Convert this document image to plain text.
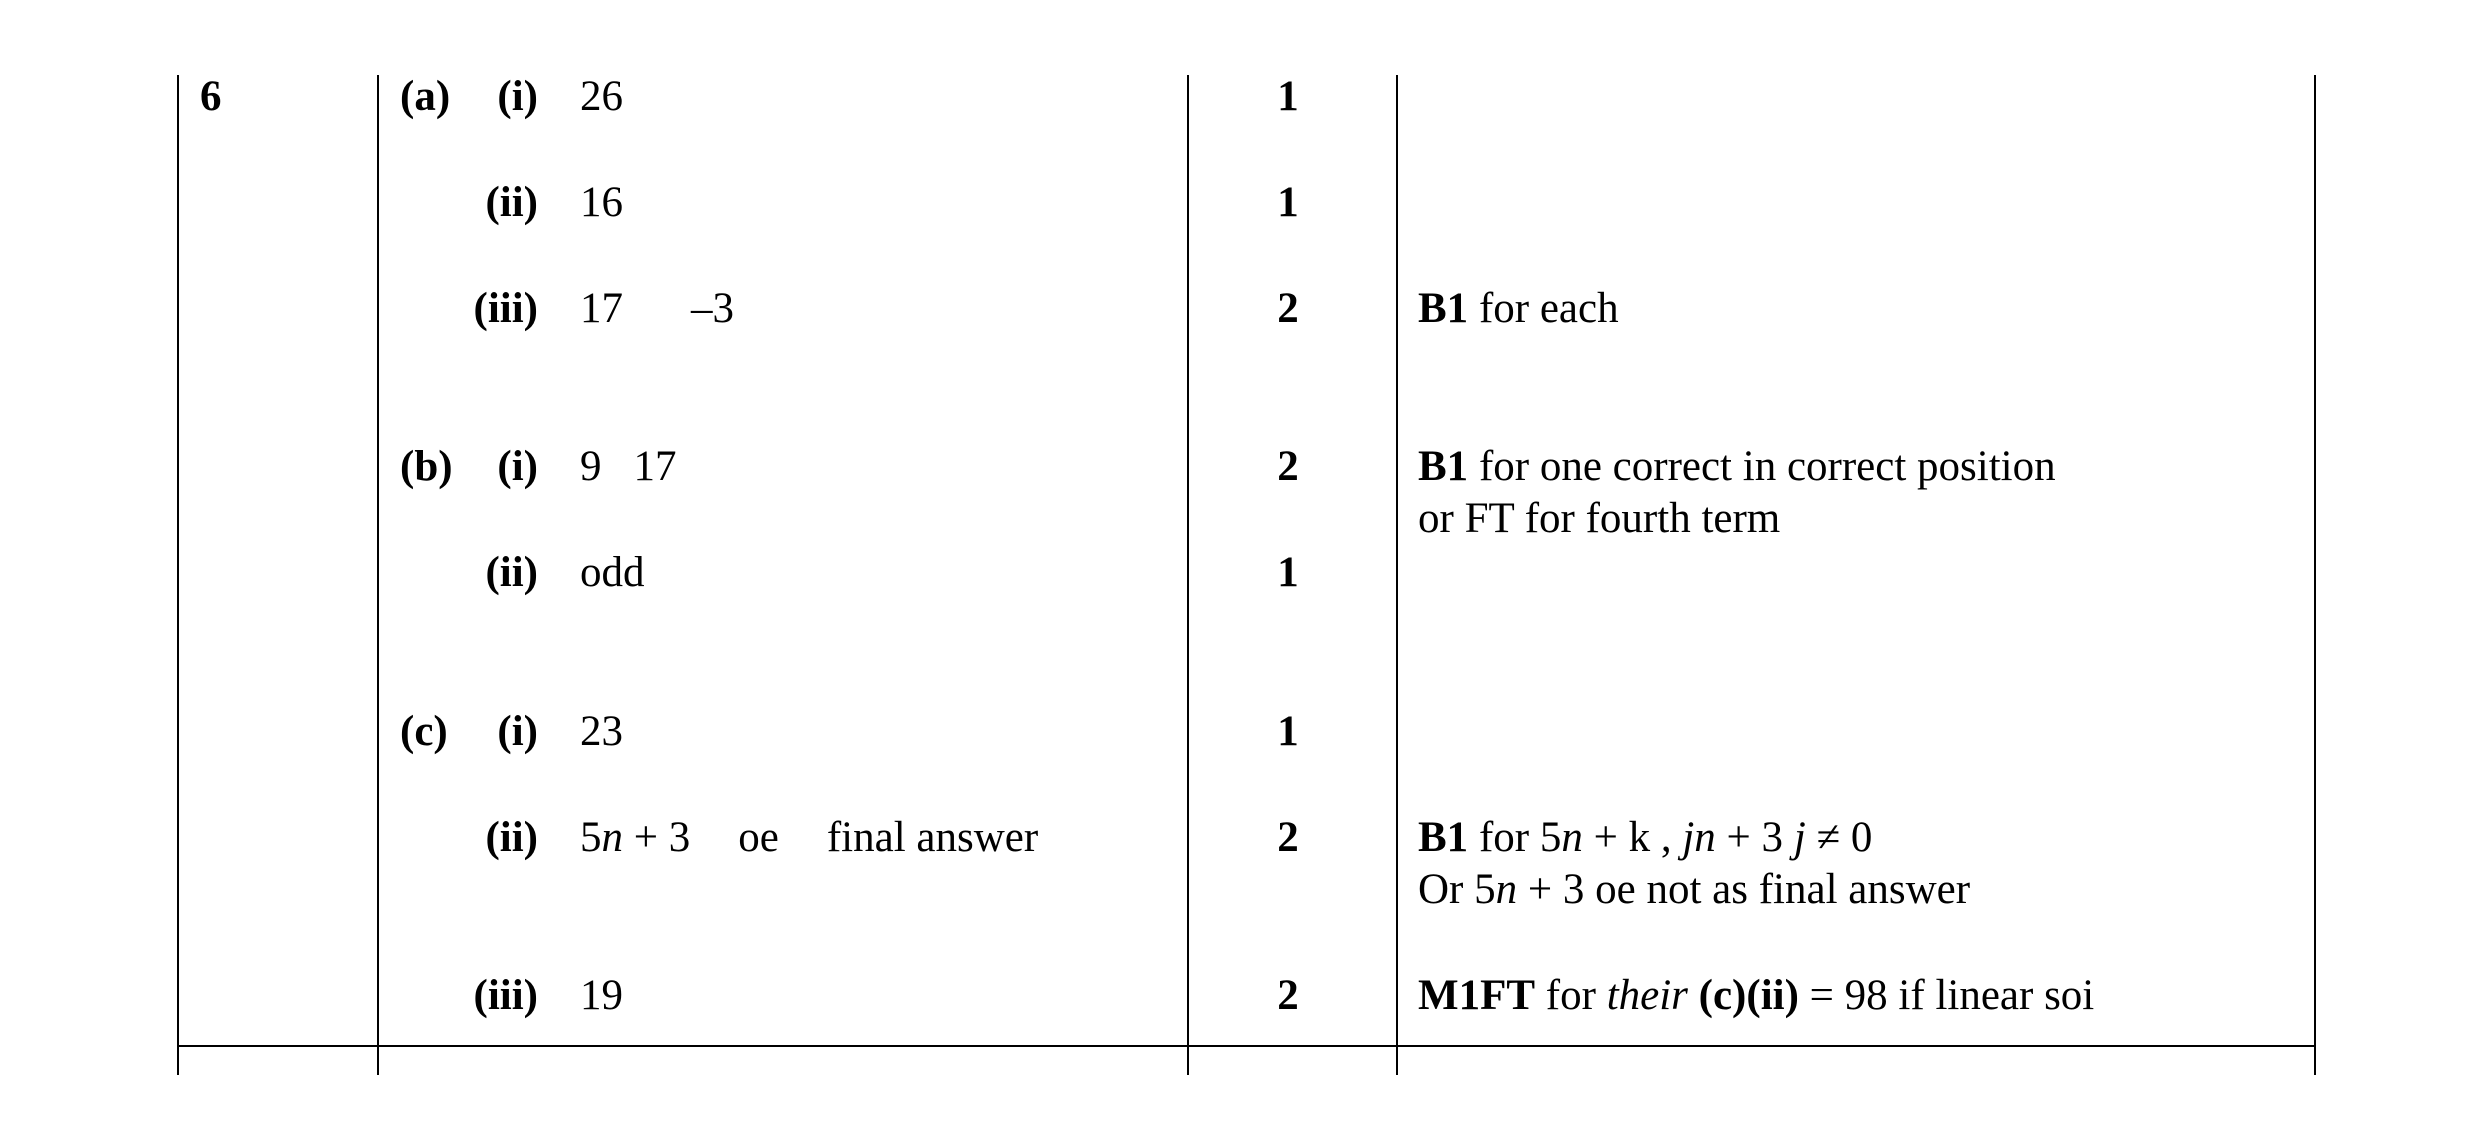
6	(a)	(i) 26	1
(ii) 16	1
(iii) 17 –3	2	B1 for each
(b)	(i) 9 17	2	B1 for one correct in correct position
or FT for fourth term
(ii) odd	1
(c)	(i) 23	1
(ii) 5n + 3 oe final answer	2	B1 for 5n + k , jn + 3 j ≠ 0
Or 5n + 3 oe not as final answer
(iii) 19	2	M1FT for their (c)(ii) = 98 if linear soi
